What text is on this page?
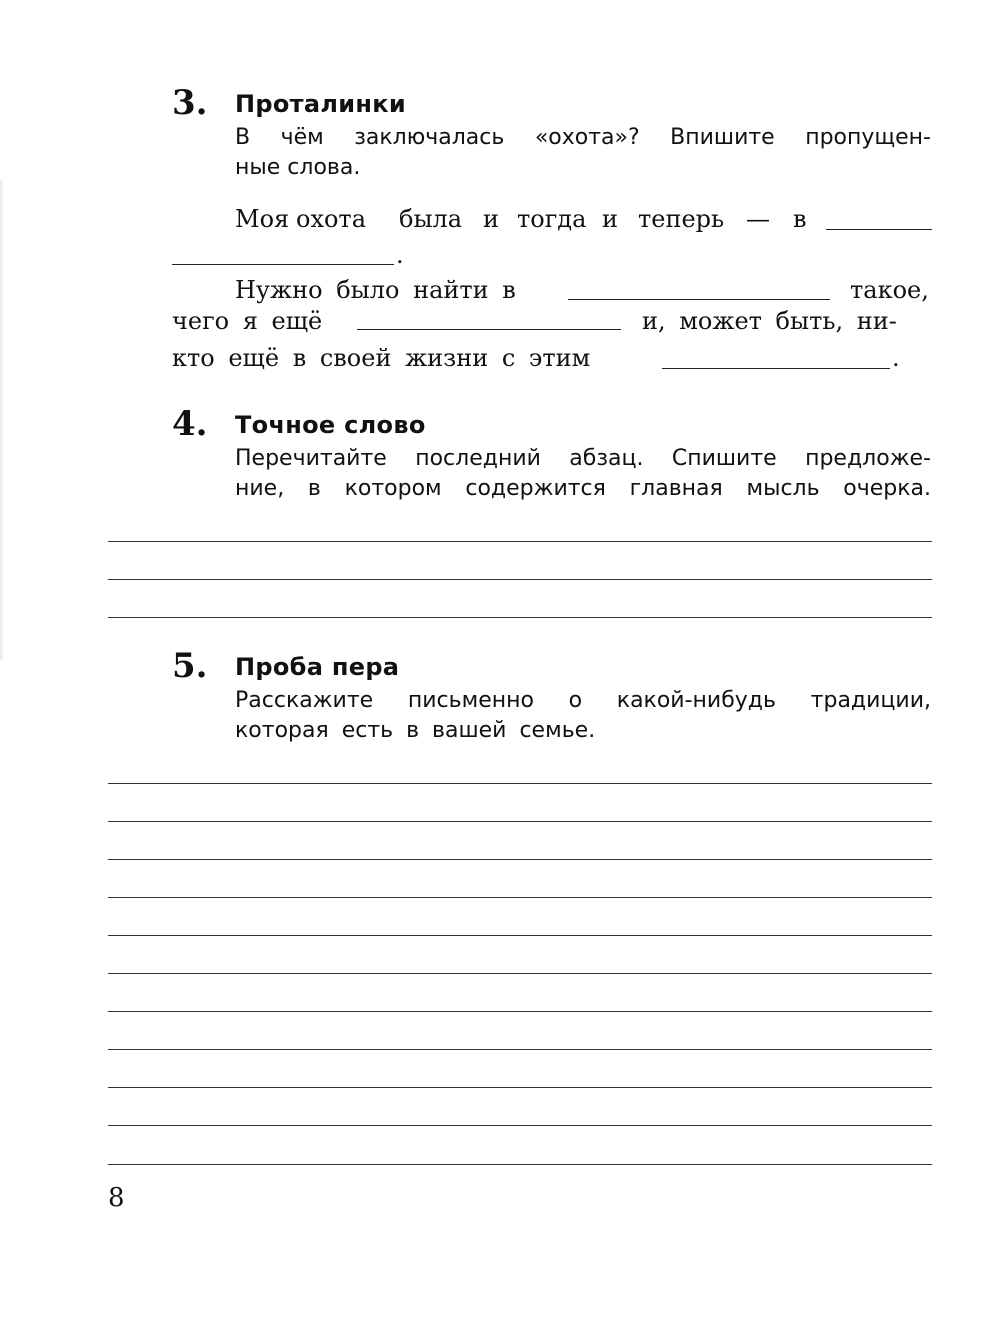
3. Проталинки
В чём заключалась «охота»? Впишите пропущен-
ные слова.
Моя охота была и тогда и теперь — в
.
Нужно было найти в	такое,
чего я ещё	и, может быть, ни-
кто ещё в своей жизни с этим	.
4. Точное слово
Перечитайте последний абзац. Спишите предложе-
ние, в котором содержится главная мысль очерка.
5. Проба пера
Расскажите письменно о какой-нибудь традиции,
которая есть в вашей семье.
8
